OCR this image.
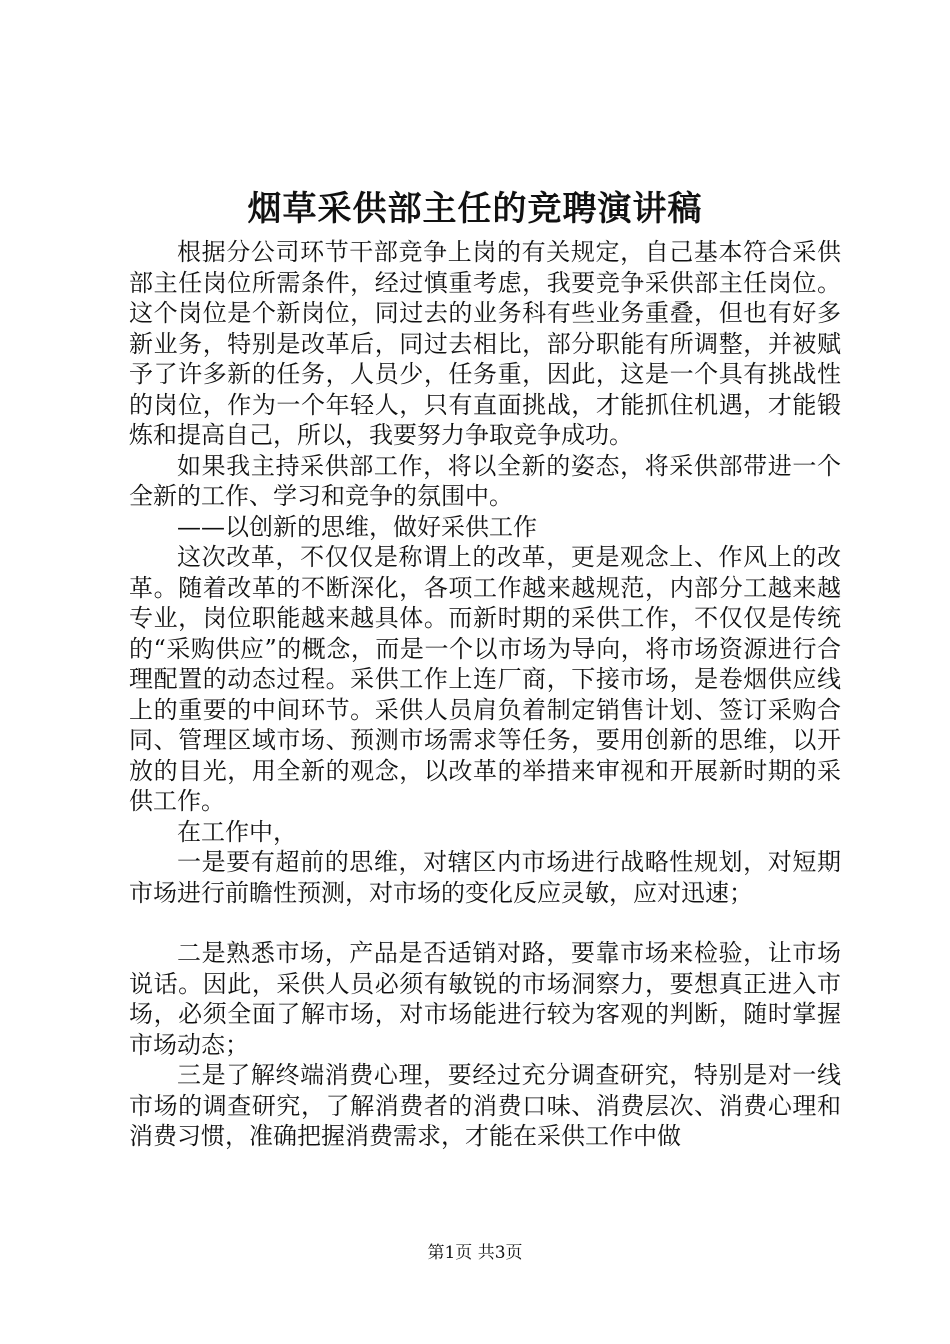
烟草采供部主任的竞聘演讲稿

根据分公司环节干部竞争上岗的有关规定，自己基本符合采供部主任岗位所需条件，经过慎重考虑，我要竞争采供部主任岗位。这个岗位是个新岗位，同过去的业务科有些业务重叠，但也有好多新业务，特别是改革后，同过去相比，部分职能有所调整，并被赋予了许多新的任务，人员少，任务重，因此，这是一个具有挑战性的岗位，作为一个年轻人，只有直面挑战，才能抓住机遇，才能锻炼和提高自己，所以，我要努力争取竞争成功。

如果我主持采供部工作，将以全新的姿态，将采供部带进一个全新的工作、学习和竞争的氛围中。

——以创新的思维，做好采供工作

这次改革，不仅仅是称谓上的改革，更是观念上、作风上的改革。随着改革的不断深化，各项工作越来越规范，内部分工越来越专业，岗位职能越来越具体。而新时期的采供工作，不仅仅是传统的“采购供应”的概念，而是一个以市场为导向，将市场资源进行合理配置的动态过程。采供工作上连厂商，下接市场，是卷烟供应线上的重要的中间环节。采供人员肩负着制定销售计划、签订采购合同、管理区域市场、预测市场需求等任务，要用创新的思维，以开放的目光，用全新的观念，以改革的举措来审视和开展新时期的采供工作。

在工作中，

一是要有超前的思维，对辖区内市场进行战略性规划，对短期市场进行前瞻性预测，对市场的变化反应灵敏，应对迅速；

二是熟悉市场，产品是否适销对路，要靠市场来检验，让市场说话。因此，采供人员必须有敏锐的市场洞察力，要想真正进入市场，必须全面了解市场，对市场能进行较为客观的判断，随时掌握市场动态；

三是了解终端消费心理，要经过充分调查研究，特别是对一线市场的调查研究，了解消费者的消费口味、消费层次、消费心理和消费习惯，准确把握消费需求，才能在采供工作中做

第1页 共3页
